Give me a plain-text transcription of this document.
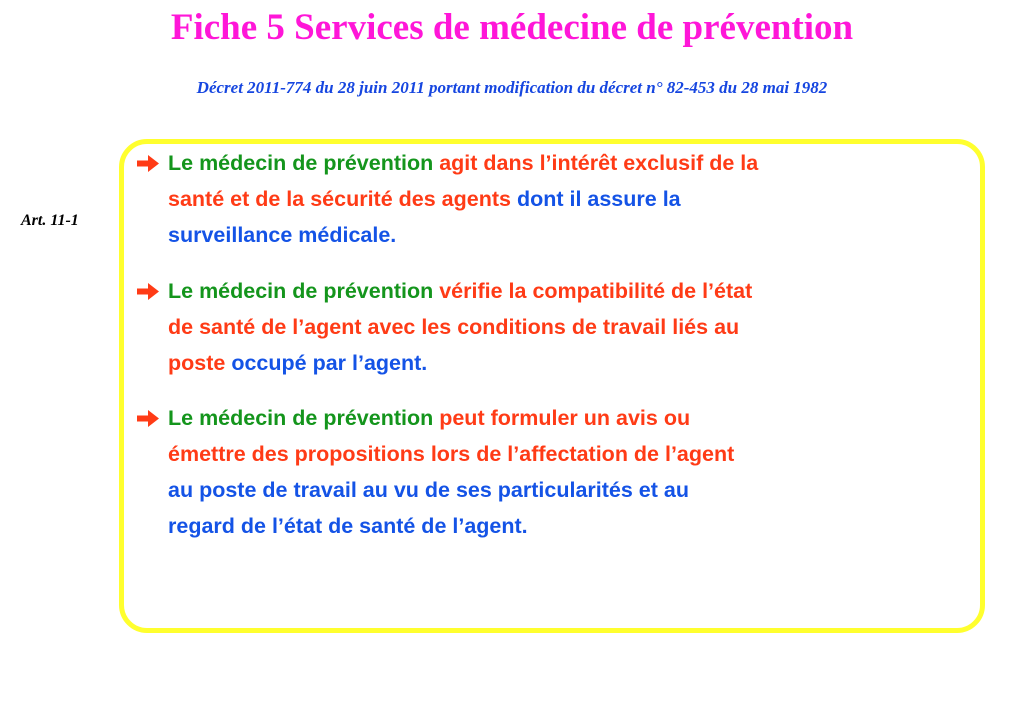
Fiche 5 Services de médecine de prévention
Décret 2011-774 du 28 juin 2011 portant modification du décret n° 82-453 du 28 mai 1982
Art. 11-1
Le médecin de prévention agit dans l’intérêt exclusif de la
santé et de la sécurité des agents dont il assure la
surveillance médicale.
Le médecin de prévention vérifie la compatibilité de l’état
de santé de l’agent avec les conditions de travail liés au
poste occupé par l’agent.
Le médecin de prévention peut formuler un avis ou
émettre des propositions lors de l’affectation de l’agent
au poste de travail au vu de ses particularités et au
regard de l’état de santé de l’agent.
